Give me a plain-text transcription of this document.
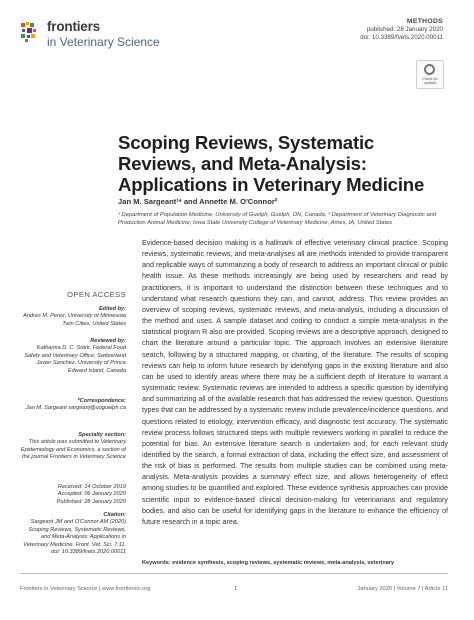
frontiers
in Veterinary Science
METHODS
published: 28 January 2020
doi: 10.3389/fvets.2020.00011
Check for updates
Scoping Reviews, Systematic Reviews, and Meta-Analysis: Applications in Veterinary Medicine
Jan M. Sargeant¹* and Annette M. O'Connor²
¹ Department of Population Medicine, University of Guelph, Guelph, ON, Canada, ² Department of Veterinary Diagnostic and Production Animal Medicine, Iowa State University College of Veterinary Medicine, Ames, IA, United States
OPEN ACCESS
Edited by:
Andres M. Perez, University of Minnesota Twin Cities, United States
Reviewed by:
Katharina D. C. Stärk, Federal Food Safety and Veterinary Office, Switzerland Javier Sanchez, University of Prince Edward Island, Canada
*Correspondence:
Jan M. Sargeant sargeanj@uoguelph.ca
Specialty section:
This article was submitted to Veterinary Epidemiology and Economics, a section of the journal Frontiers in Veterinary Science
Received: 14 October 2019
Accepted: 06 January 2020
Published: 28 January 2020
Citation:
Sargeant JM and O'Connor AM (2020) Scoping Reviews, Systematic Reviews, and Meta-Analysis: Applications in Veterinary Medicine. Front. Vet. Sci. 7:11. doi: 10.3389/fvets.2020.00011
Evidence-based decision making is a hallmark of effective veterinary clinical practice. Scoping reviews, systematic reviews, and meta-analyses all are methods intended to provide transparent and replicable ways of summarizing a body of research to address an important clinical or public health issue. As these methods increasingly are being used by researchers and read by practitioners, it is important to understand the distinction between these techniques and to understand what research questions they can, and cannot, address. This review provides an overview of scoping reviews, systematic reviews, and meta-analysis, including a discussion of the method and uses. A sample dataset and coding to conduct a simple meta-analysis in the statistical program R also are provided. Scoping reviews are a descriptive approach, designed to chart the literature around a particular topic. The approach involves an extensive literature search, following by a structured mapping, or charting, of the literature. The results of scoping reviews can help to inform future research by identifying gaps in the existing literature and also can be used to identify areas where there may be a sufficient depth of literature to warrant a systematic review. Systematic reviews are intended to address a specific question by identifying and summarizing all of the available research that has addressed the review question. Questions types that can be addressed by a systematic review include prevalence/incidence questions, and questions related to etiology, intervention efficacy, and diagnostic test accuracy. The systematic review process follows structured steps with multiple reviewers working in parallel to reduce the potential for bias. An extensive literature search is undertaken and, for each relevant study identified by the search, a formal extraction of data, including the effect size, and assessment of the risk of bias is performed. The results from multiple studies can be combined using meta-analysis. Meta-analysis provides a summary effect size, and allows heterogeneity of effect among studies to be quantified and explored. These evidence synthesis approaches can provide scientific input to evidence-based clinical decision-making for veterinarians and regulatory bodies, and also can be useful for identifying gaps in the literature to enhance the efficiency of future research in a topic area.
Keywords: evidence synthesis, scoping reviews, systematic reviews, meta-analysis, veterinary
Frontiers in Veterinary Science | www.frontiersin.org	1	January 2020 | Volume 7 | Article 11
